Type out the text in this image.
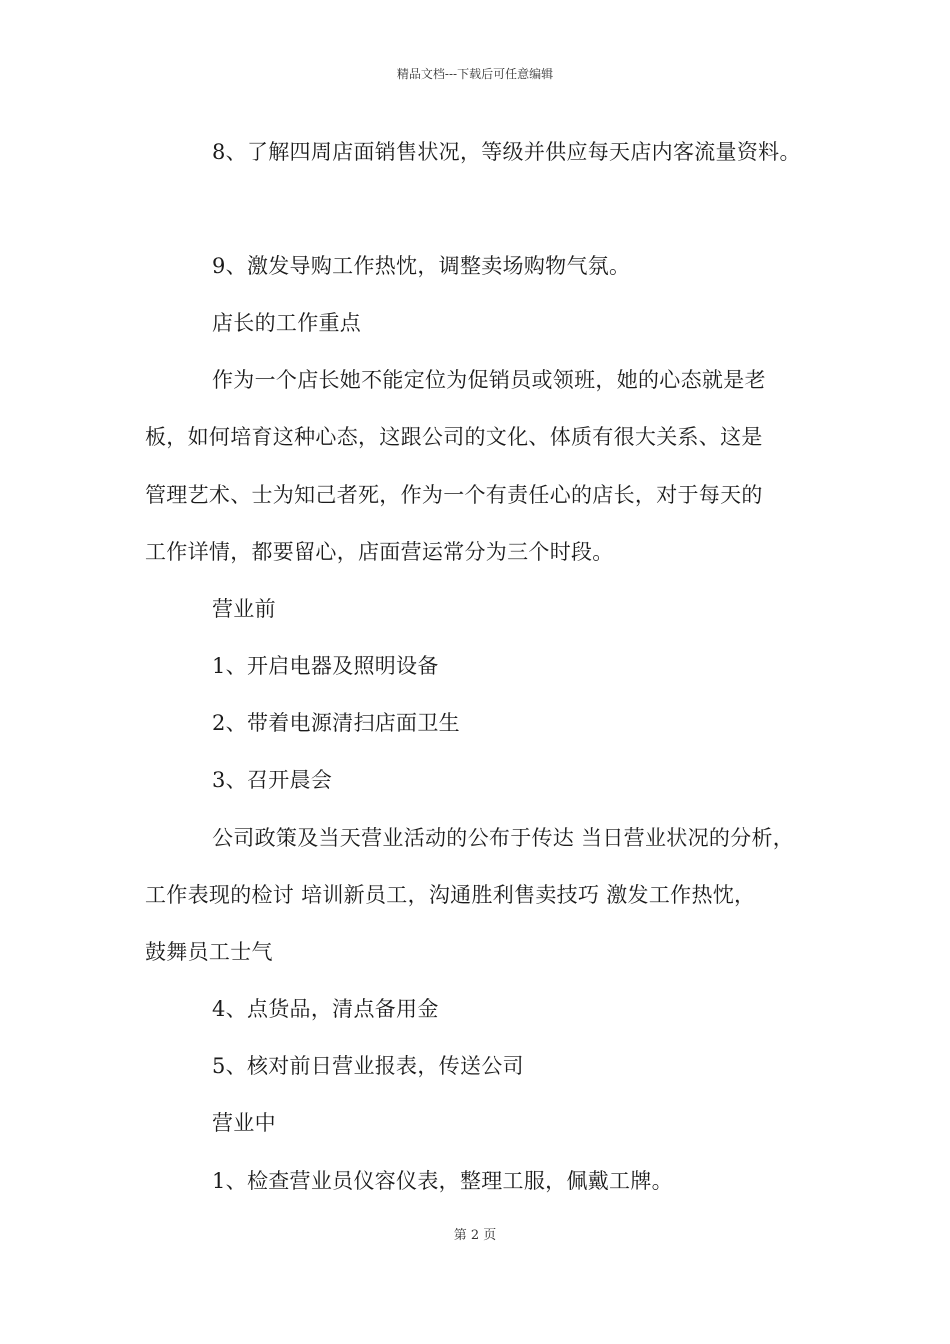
精品文档---下载后可任意编辑
8、了解四周店面销售状况，等级并供应每天店内客流量资料。
9、激发导购工作热忱，调整卖场购物气氛。
店长的工作重点
作为一个店长她不能定位为促销员或领班，她的心态就是老
板，如何培育这种心态，这跟公司的文化、体质有很大关系、这是
管理艺术、士为知己者死，作为一个有责任心的店长，对于每天的
工作详情，都要留心，店面营运常分为三个时段。
营业前
1、开启电器及照明设备
2、带着电源清扫店面卫生
3、召开晨会
公司政策及当天营业活动的公布于传达 当日营业状况的分析，
工作表现的检讨 培训新员工，沟通胜利售卖技巧 激发工作热忱，
鼓舞员工士气
4、点货品，清点备用金
5、核对前日营业报表，传送公司
营业中
1、检查营业员仪容仪表，整理工服，佩戴工牌。
第 2 页
